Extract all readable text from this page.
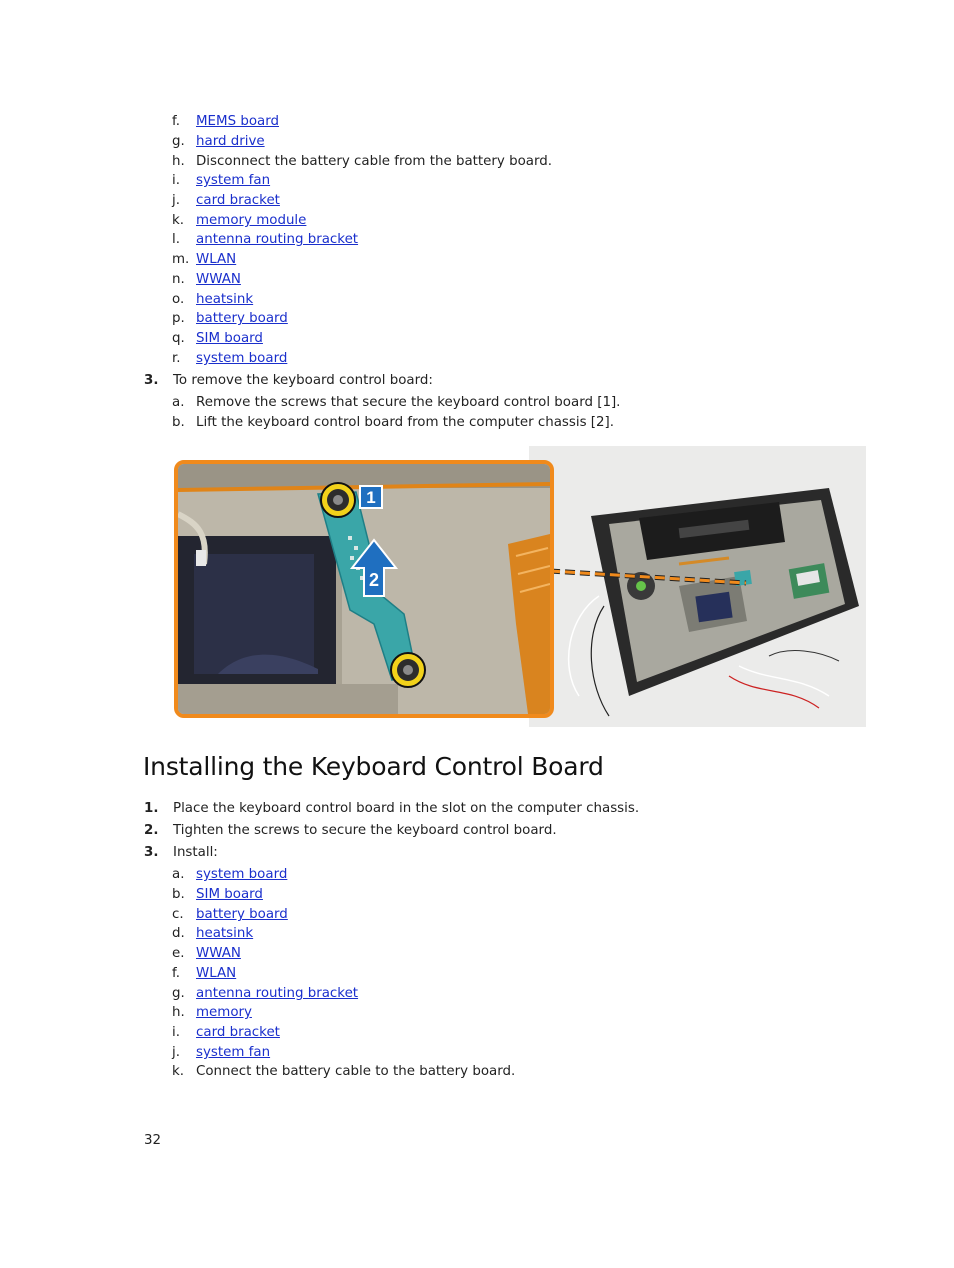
f. MEMS board
g. hard drive
h. Disconnect the battery cable from the battery board.
i. system fan
j. card bracket
k. memory module
l. antenna routing bracket
m. WLAN
n. WWAN
o. heatsink
p. battery board
q. SIM board
r. system board
3. To remove the keyboard control board:
a. Remove the screws that secure the keyboard control board [1].
b. Lift the keyboard control board from the computer chassis [2].
2
1
Installing the Keyboard Control Board
1. Place the keyboard control board in the slot on the computer chassis.
2. Tighten the screws to secure the keyboard control board.
3. Install:
a. system board
b. SIM board
c. battery board
d. heatsink
e. WWAN
f. WLAN
g. antenna routing bracket
h. memory
i. card bracket
j. system fan
k. Connect the battery cable to the battery board.
32
